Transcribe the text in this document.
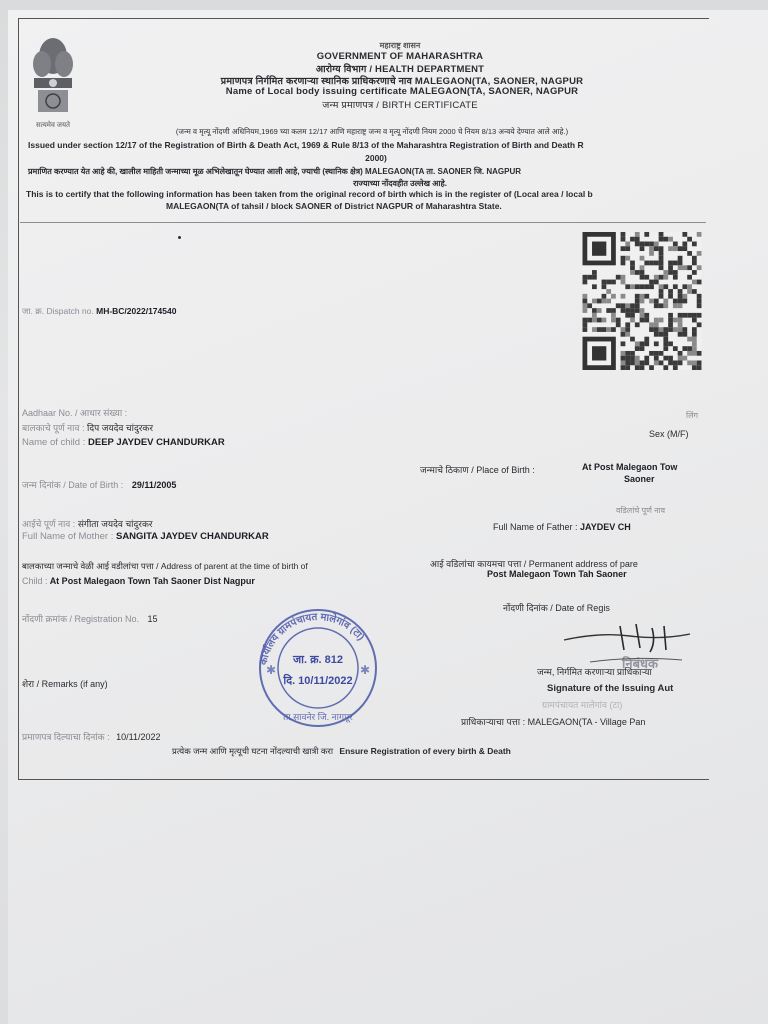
सत्यमेव जयते
महाराष्ट्र शासन
GOVERNMENT OF MAHARASHTRA
आरोग्य विभाग / HEALTH DEPARTMENT
प्रमाणपत्र निर्गमित करणाऱ्या स्थानिक प्राधिकरणाचे नाव MALEGAON(TA, SAONER, NAGPUR
Name of Local body issuing certificate MALEGAON(TA, SAONER, NAGPUR
जन्म प्रमाणपत्र / BIRTH CERTIFICATE
(जन्म व मृत्यू नोंदणी अधिनियम,1969 च्या कलम 12/17 आणि महाराष्ट्र जन्म व मृत्यू नोंदणी नियम 2000 चे नियम 8/13 अन्वये देण्यात आले आहे.)
Issued under section 12/17 of the Registration of Birth & Death Act, 1969 & Rule 8/13 of the Maharashtra Registration of Birth and Death R
2000)
प्रमाणित करण्यात येत आहे की, खालील माहिती जन्माच्या मूळ अभिलेखातून घेण्यात आली आहे, ज्याची (स्थानिक क्षेत्र) MALEGAON(TA ता. SAONER जि. NAGPUR
राज्याच्या नोंदवहीत उल्लेख आहे.
This is to certify that the following information has been taken from the original record of birth which is in the register of (Local area / local b
MALEGAON(TA of tahsil / block SAONER of District NAGPUR of Maharashtra State.
जा. क्र. Dispatch no. MH-BC/2022/174540
Aadhaar No. / आधार संख्या :
बालकाचे पूर्ण नाव : दिप जयदेव चांदुरकर
Name of child : DEEP JAYDEV CHANDURKAR
लिंग
Sex (M/F)
जन्माचे ठिकाण / Place of Birth :	At Post Malegaon Tow
Saoner
जन्म दिनांक / Date of Birth : 29/11/2005
वडिलांचे पूर्ण नाव
आईचे पूर्ण नाव : संगीता जयदेव चांदुरकर	Full Name of Father : JAYDEV CH
Full Name of Mother : SANGITA JAYDEV CHANDURKAR
बालकाच्या जन्माचे वेळी आई वडीलांचा पत्ता / Address of parent at the time of birth of
Child : At Post Malegaon Town Tah Saoner Dist Nagpur
आई वडिलांचा कायमचा पत्ता / Permanent address of pare
Post Malegaon Town Tah Saoner
नोंदणी दिनांक / Date of Regis
नोंदणी क्रमांक / Registration No. 15
कार्यालय ग्रामपंचायत मालेगांव (टा)
ता.सावनेर जि. नागपूर
जा. क्र. 812
दि. 10/11/2022
✱	✱	निबंधक
जन्म, निर्गमित करणाऱ्या प्राधिकाऱ्या
Signature of the Issuing Aut
ग्रामपंचायत मालेगांव (टा)
शेरा / Remarks (if any)
प्राधिकाऱ्याचा पत्ता : MALEGAON(TA - Village Pan
प्रमाणपत्र दिल्याचा दिनांक : 10/11/2022
प्रत्येक जन्म आणि मृत्यूची घटना नोंदल्याची खात्री करा Ensure Registration of every birth & Death
